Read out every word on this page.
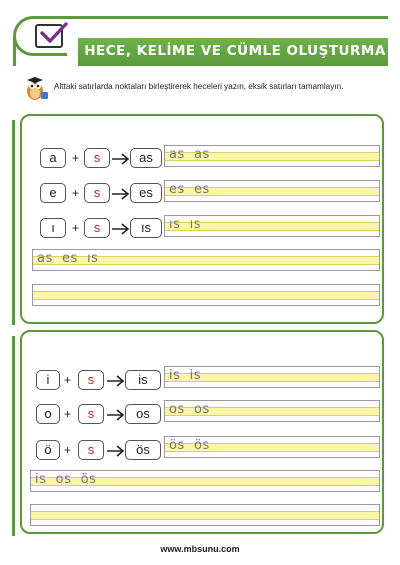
HECE, KELİME VE CÜMLE OLUŞTURMA
Alttaki satırlarda noktaları birleştirerek heceleri yazın, eksik satırları tamamlayın.
a	+	s	as	as  as
e	+	s	es	es  es
ı	+	s	ıs	ıs  ıs
as  es  ıs
i	+	s	is	is  is
o	+	s	os	os  os
ö	+	s	ös	ös  ös
is  os  ös
www.mbsunu.com
